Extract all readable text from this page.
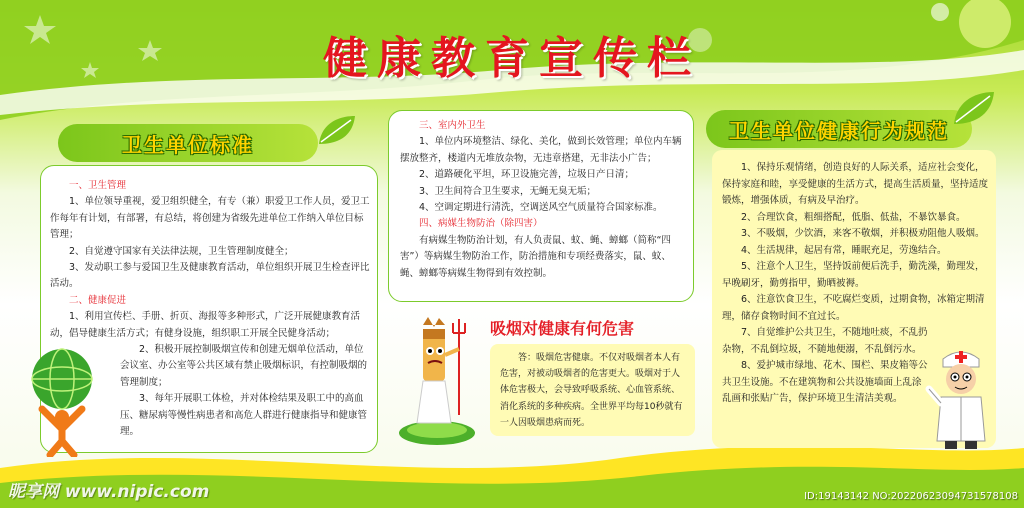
健康教育宣传栏
卫生单位标准

一、卫生管理

1、单位领导重视，爱卫组织健全，有专（兼）职爱卫工作人员，爱卫工作每年有计划，有部署，有总结，将创建为省级先进单位工作纳入单位目标管理；

2、自觉遵守国家有关法律法规，卫生管理制度健全；

3、发动职工参与爱国卫生及健康教育活动，单位组织开展卫生检查评比活动。

二、健康促进

1、利用宣传栏、手册、折页、海报等多种形式，广泛开展健康教育活动，倡导健康生活方式；有健身设施，组织职工开展全民健身活动；

2、积极开展控制吸烟宣传和创建无烟单位活动，单位会议室、办公室等公共区域有禁止吸烟标识，有控制吸烟的管理制度；

3、每年开展职工体检，并对体检结果及职工中的高血压、糖尿病等慢性病患者和高危人群进行健康指导和健康管理。

三、室内外卫生

1、单位内环境整洁、绿化、美化，做到长效管理；单位内车辆摆放整齐，楼道内无堆放杂物，无违章搭建，无非法小广告；

2、道路硬化平坦，环卫设施完善，垃圾日产日清；

3、卫生间符合卫生要求，无蝇无臭无垢；

4、空调定期进行清洗，空调送风空气质量符合国家标准。

四、病媒生物防治（除四害）

有病媒生物防治计划，有人负责鼠、蚊、蝇、蟑螂（简称“四害”）等病媒生物防治工作，防治措施和专项经费落实，鼠、蚊、蝇、蟑螂等病媒生物得到有效控制。

吸烟对健康有何危害
答：吸烟危害健康。不仅对吸烟者本人有危害，对被动吸烟者的危害更大。吸烟对于人体危害极大，会导致呼吸系统、心血管系统、消化系统的多种疾病。全世界平均每10秒就有一人因吸烟患病而死。
卫生单位健康行为规范

1、保持乐观情绪，创造良好的人际关系，适应社会变化，保持家庭和睦，享受健康的生活方式，提高生活质量，坚持适度锻炼，增强体质，有病及早治疗。

2、合理饮食，粗细搭配，低脂、低盐，不暴饮暴食。

3、不吸烟，少饮酒，来客不敬烟，并积极劝阻他人吸烟。

4、生活规律，起居有常，睡眠充足，劳逸结合。

5、注意个人卫生，坚持饭前便后洗手，勤洗澡，勤理发，早晚刷牙，勤剪指甲，勤晒被褥。

6、注意饮食卫生，不吃腐烂变质，过期食物，冰箱定期清理，储存食物时间不宜过长。

7、自觉维护公共卫生，不随地吐痰，不乱扔杂物，不乱倒垃圾，不随地便溺，不乱倒污水。

8、爱护城市绿地、花木、围栏、果皮箱等公共卫生设施。不在建筑物和公共设施墙面上乱涂乱画和张贴广告，保护环境卫生清洁美观。

昵享网 www.nipic.com	ID:19143142 NO:20220623094731578108
